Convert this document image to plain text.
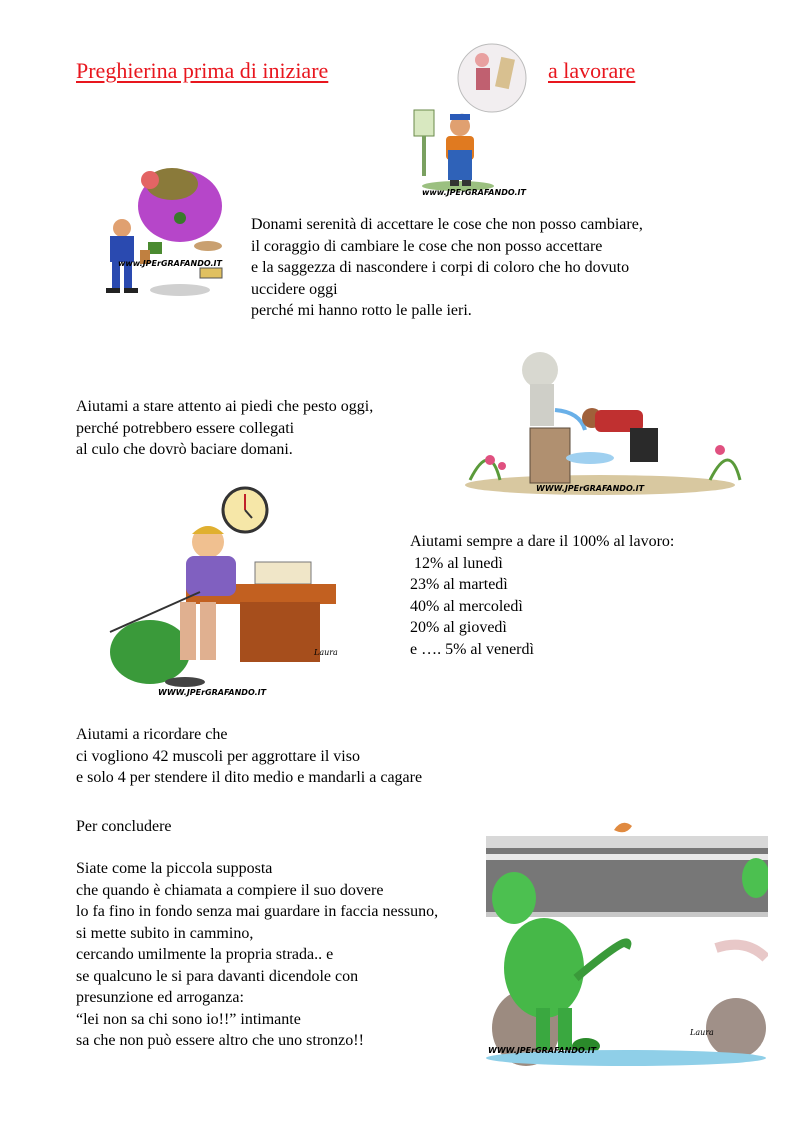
Preghierina prima di iniziare	a lavorare
www.JPErGRAFANDO.IT
www.JPErGRAFANDO.IT
Donami serenità di accettare le cose che non posso cambiare,
il coraggio di cambiare le cose che non posso accettare
e la saggezza di nascondere i corpi di coloro che ho dovuto
uccidere oggi
perché mi hanno rotto le palle ieri.
WWW.JPErGRAFANDO.IT
Aiutami a stare attento ai piedi che pesto oggi,
perché potrebbero essere collegati
al culo che dovrò baciare domani.
WWW.JPErGRAFANDO.IT
Laura
Aiutami sempre a dare il 100% al lavoro:
12% al lunedì
23% al martedì
40% al mercoledì
20% al giovedì
e …. 5% al venerdì
Aiutami a ricordare che
ci vogliono 42 muscoli per aggrottare il viso
e solo 4 per stendere il dito medio e mandarli a cagare
Per concludere
WWW.JPErGRAFANDO.IT
Laura
Siate come la piccola supposta
che quando è chiamata a compiere il suo dovere
lo fa fino in fondo senza mai guardare in faccia nessuno,
si mette subito in cammino,
cercando umilmente la propria strada.. e
se qualcuno le si para davanti dicendole con
presunzione ed arroganza:
“lei non sa chi sono io!!” intimante
sa che non può essere altro che uno stronzo!!
